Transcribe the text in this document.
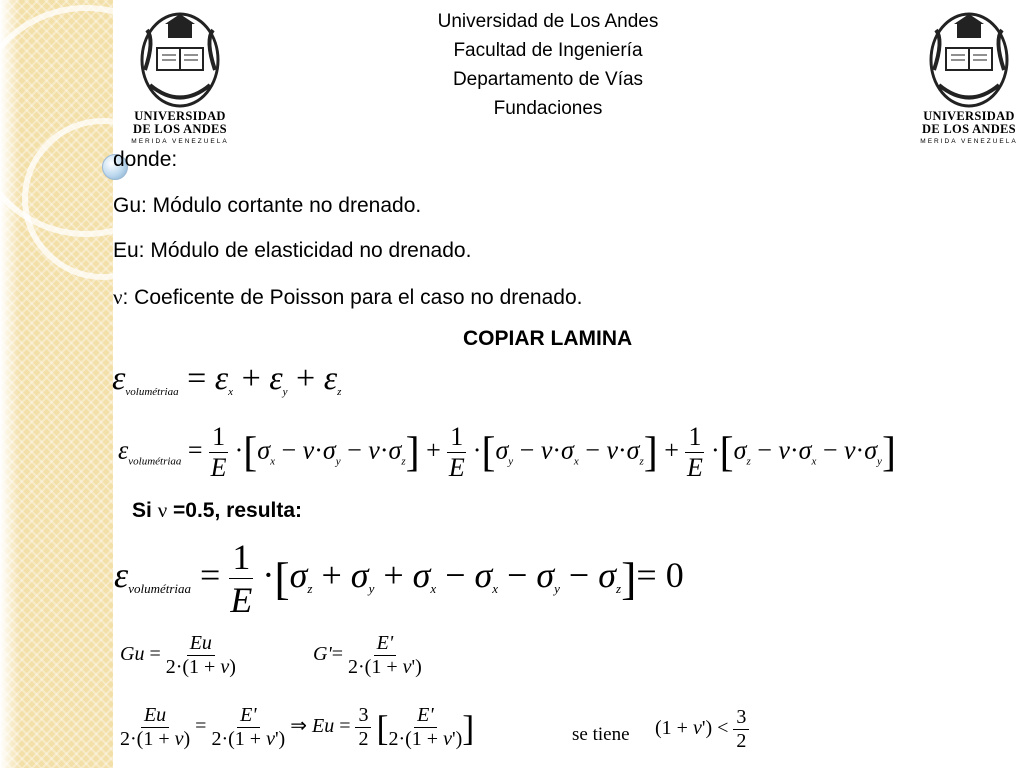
UNIVERSIDAD
DE LOS ANDES
MERIDA VENEZUELA
UNIVERSIDAD
DE LOS ANDES
MERIDA VENEZUELA
Universidad de Los Andes
Facultad de Ingeniería
Departamento de Vías
Fundaciones
donde:
Gu: Módulo cortante no drenado.
Eu: Módulo de elasticidad no drenado.
ν: Coeficente de Poisson para el caso no drenado.
COPIAR LAMINA
$\varepsilon_{volumétriaa} = \varepsilon_x + \varepsilon_y + \varepsilon_z$
$\varepsilon_{volumétriaa} = \frac{1}{E} \cdot[\sigma_x - \nu\cdot\sigma_y - \nu\cdot\sigma_z] + \frac{1}{E} \cdot[\sigma_y - \nu\cdot\sigma_x - \nu\cdot\sigma_z] + \frac{1}{E} \cdot[\sigma_z - \nu\cdot\sigma_x - \nu\cdot\sigma_y]$
Si ν =0.5, resulta:
εvolumétriaa = $\frac{1}{E} \cdot[\sigma z + \sigma y + \sigma x - \sigma x - \sigma y - \sigma z]= 0$
$Gu = \frac{Eu}{2\cdot(1 + \nu)}$	$G'= \frac{E'}{2\cdot(1 + \nu')}$
$\frac{Eu}{2\cdot(1 + \nu)} = \frac{E'}{2\cdot(1 + \nu')}$ ⇒ $Eu = \frac{3}{2}$ [ $\frac{E'}{2\cdot(1 + \nu')}$ ]	se tiene $(1 + \nu') < \frac{3}{2}$
